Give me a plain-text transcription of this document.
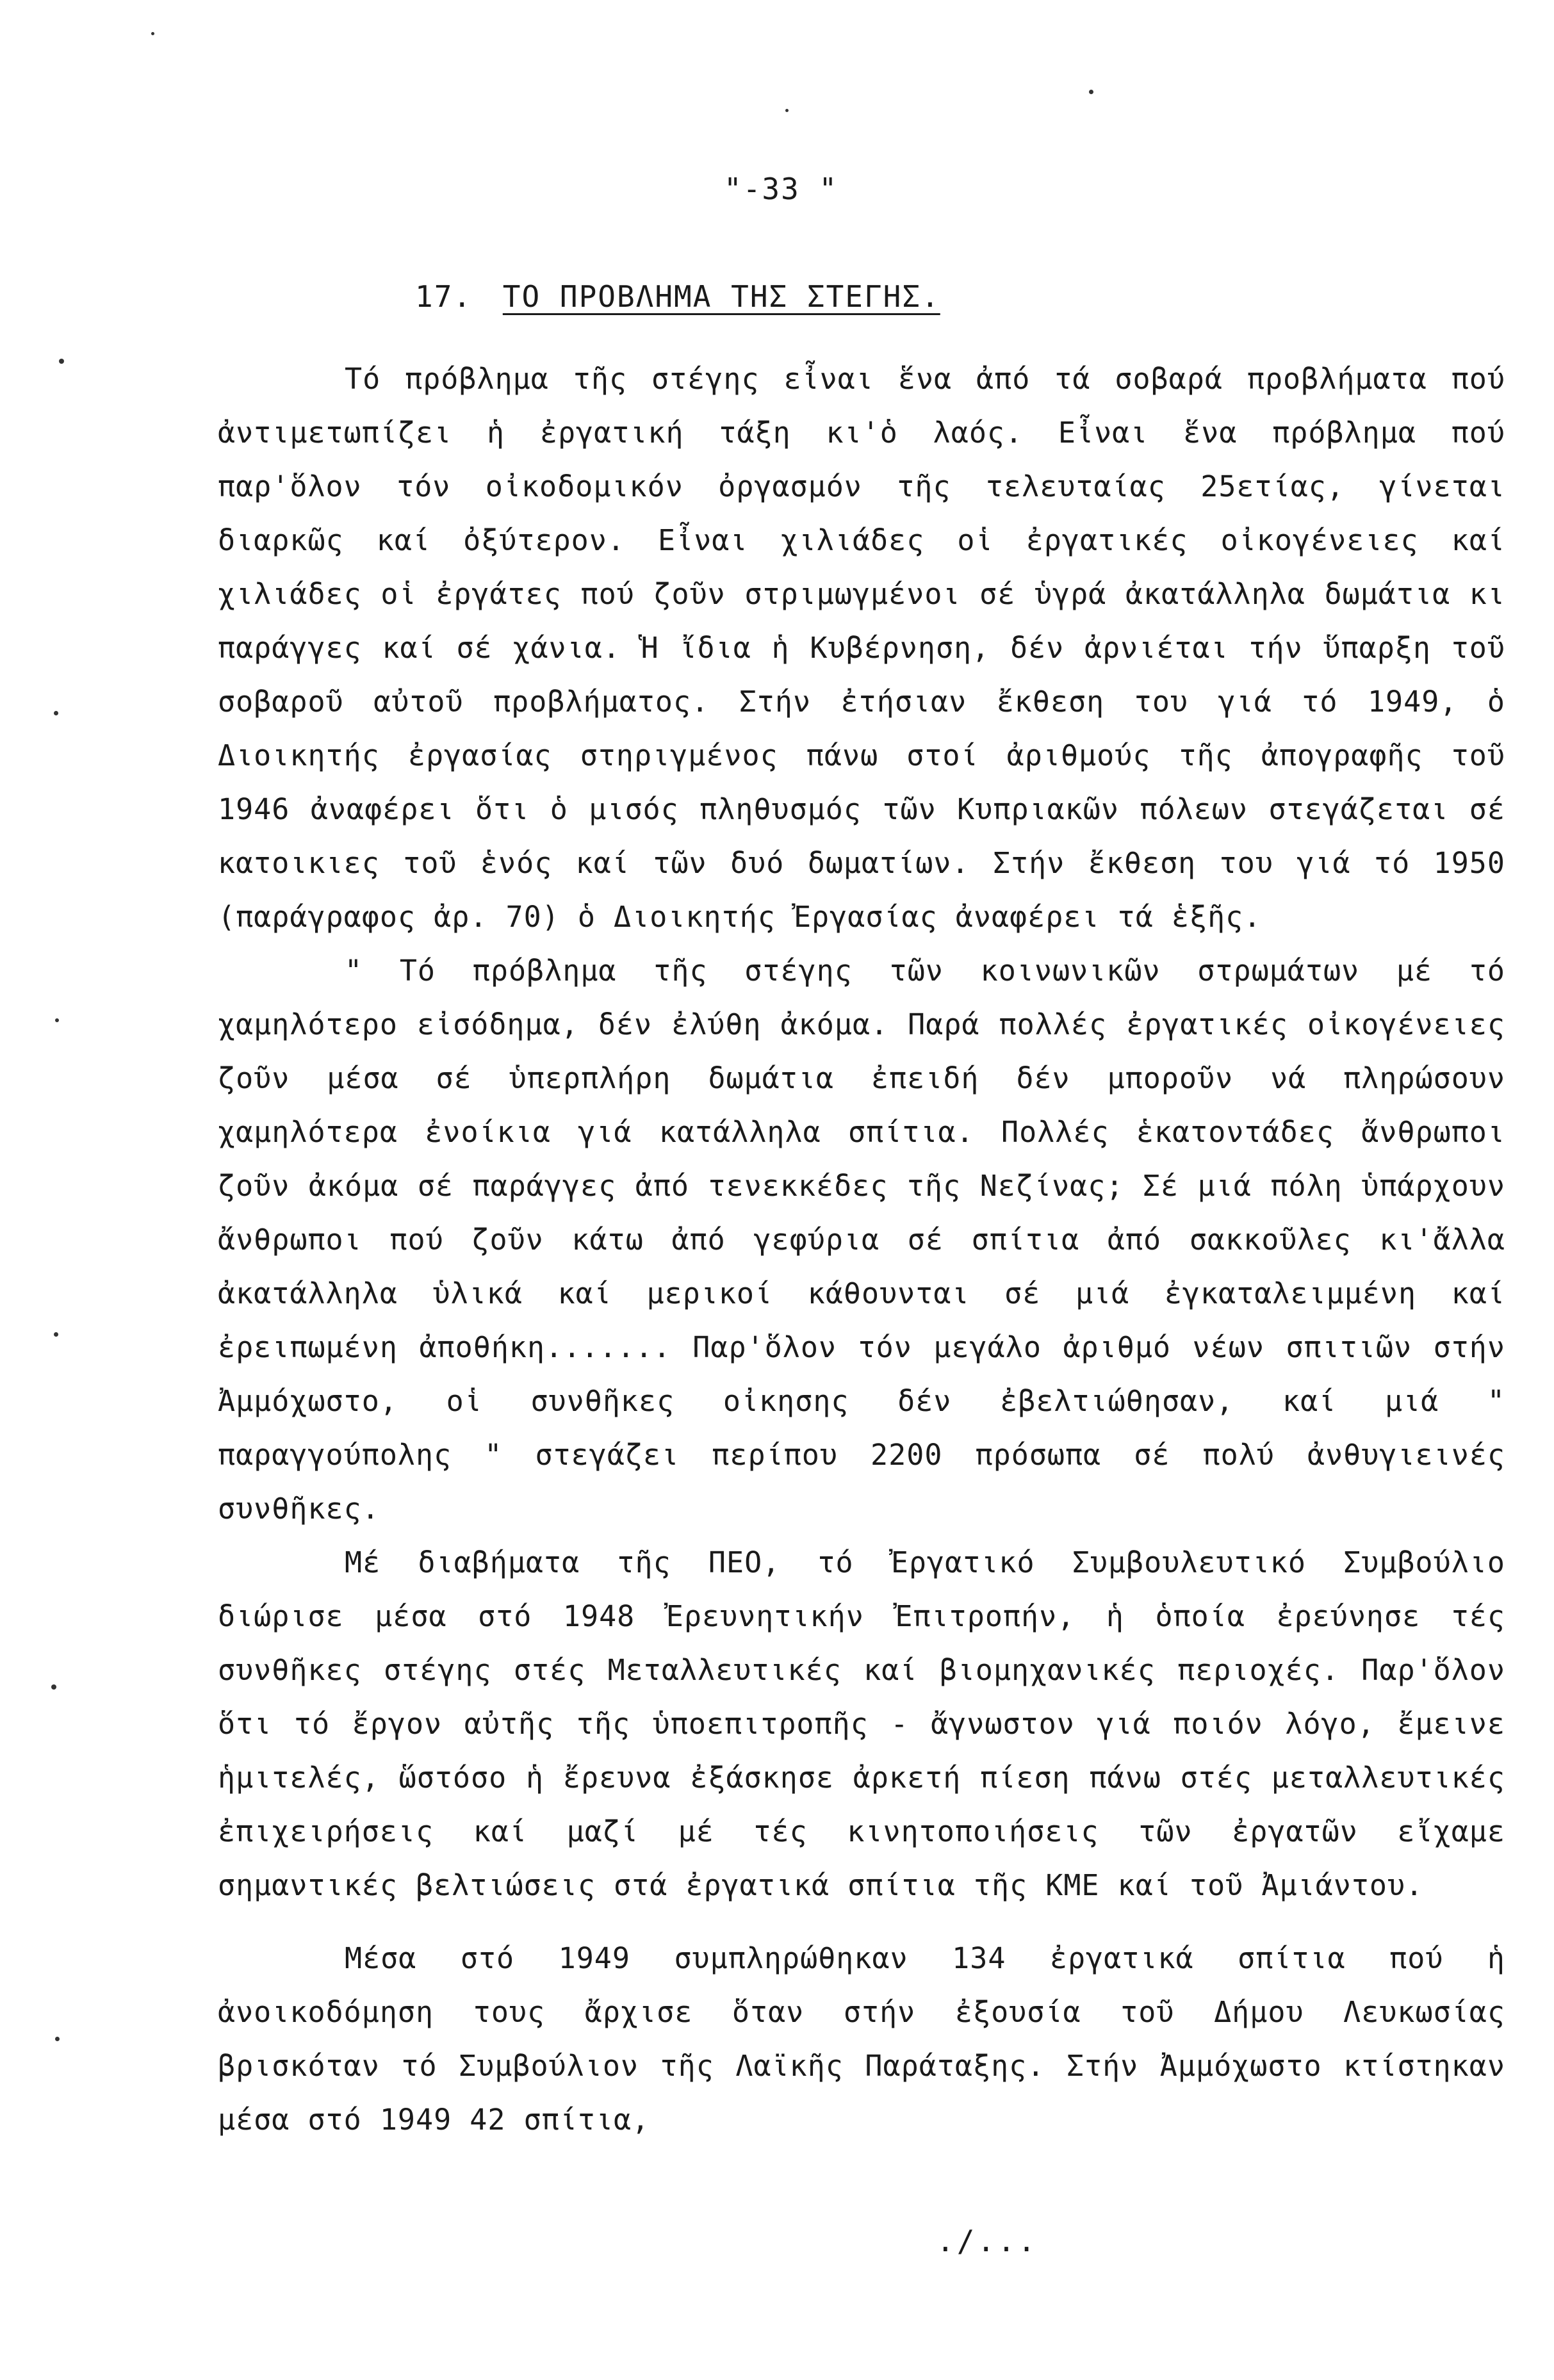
"-33 "
17. ΤΟ ΠΡΟΒΛΗΜΑ ΤΗΣ ΣΤΕΓΗΣ.

Τό πρόβλημα τῆς στέγης εἶναι ἕνα ἀπό τά σοβαρά προβλήματα πού ἀντιμετωπίζει ἡ ἐργατική τάξη κι'ὁ λαός. Εἶναι ἕνα πρόβλημα πού παρ'ὅλον τόν οἰκοδομικόν ὀργασμόν τῆς τελευταίας 25ετίας, γίνεται διαρκῶς καί ὀξύτερον. Εἶναι χιλιάδες οἱ ἐργατικές οἰκογένειες καί χιλιάδες οἱ ἐργάτες πού ζοῦν στριμωγμένοι σέ ὑγρά ἀκατάλληλα δωμάτια κι παράγγες καί σέ χάνια. Ἡ ἴδια ἡ Κυβέρνηση, δέν ἀρνιέται τήν ὕπαρξη τοῦ σοβαροῦ αὐτοῦ προβλήματος. Στήν ἐτήσιαν ἔκθεση του γιά τό 1949, ὁ Διοικητής ἐργασίας στηριγμένος πάνω στοί ἀριθμούς τῆς ἀπογραφῆς τοῦ 1946 ἀναφέρει ὅτι ὁ μισός πληθυσμός τῶν Κυπριακῶν πόλεων στεγάζεται σέ κατοικιες τοῦ ἑνός καί τῶν δυό δωματίων. Στήν ἔκθεση του γιά τό 1950 (παράγραφος ἀρ. 70) ὁ Διοικητής Ἐργασίας ἀναφέρει τά ἑξῆς.

" Τό πρόβλημα τῆς στέγης τῶν κοινωνικῶν στρωμάτων μέ τό χαμηλότερο εἰσόδημα, δέν ἐλύθη ἀκόμα. Παρά πολλές ἐργατικές οἰκογένειες ζοῦν μέσα σέ ὑπερπλήρη δωμάτια ἐπειδή δέν μποροῦν νά πληρώσουν χαμηλότερα ἐνοίκια γιά κατάλληλα σπίτια. Πολλές ἑκατοντάδες ἄνθρωποι ζοῦν ἀκόμα σέ παράγγες ἀπό τενεκκέδες τῆς Νεζίνας; Σέ μιά πόλη ὑπάρχουν ἄνθρωποι πού ζοῦν κάτω ἀπό γεφύρια σέ σπίτια ἀπό σακκοῦλες κι'ἄλλα ἀκατάλληλα ὑλικά καί μερικοί κάθουνται σέ μιά ἐγκαταλειμμένη καί ἐρειπωμένη ἀποθήκη....... Παρ'ὅλον τόν μεγάλο ἀριθμό νέων σπιτιῶν στήν Ἀμμόχωστο, οἱ συνθῆκες οἰκησης δέν ἐβελτιώθησαν, καί μιά " παραγγούπολης " στεγάζει περίπου 2200 πρόσωπα σέ πολύ ἀνθυγιεινές συνθῆκες.

Μέ διαβήματα τῆς ΠΕΟ, τό Ἐργατικό Συμβουλευτικό Συμβούλιο διώρισε μέσα στό 1948 Ἐρευνητικήν Ἐπιτροπήν, ἡ ὁποία ἐρεύνησε τές συνθῆκες στέγης στές Μεταλλευτικές καί βιομηχανικές περιοχές. Παρ'ὅλον ὅτι τό ἔργον αὐτῆς τῆς ὑποεπιτροπῆς - ἄγνωστον γιά ποιόν λόγο, ἔμεινε ἡμιτελές, ὥστόσο ἡ ἔρευνα ἐξάσκησε ἀρκετή πίεση πάνω στές μεταλλευτικές ἐπιχειρήσεις καί μαζί μέ τές κινητοποιήσεις τῶν ἐργατῶν εἴχαμε σημαντικές βελτιώσεις στά ἐργατικά σπίτια τῆς ΚΜΕ καί τοῦ Ἀμιάντου.

Μέσα στό 1949 συμπληρώθηκαν 134 ἐργατικά σπίτια πού ἡ ἀνοικοδόμηση τους ἄρχισε ὅταν στήν ἐξουσία τοῦ Δήμου Λευκωσίας βρισκόταν τό Συμβούλιον τῆς Λαϊκῆς Παράταξης. Στήν Ἀμμόχωστο κτίστηκαν μέσα στό 1949 42 σπίτια,

./...
